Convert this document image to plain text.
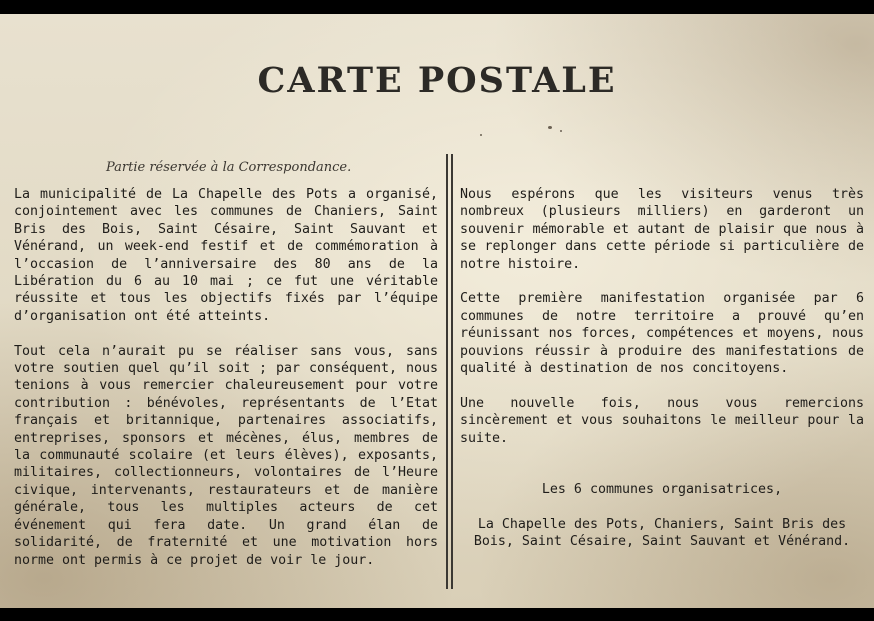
CARTE POSTALE
Partie réservée à la Correspondance.

La municipalité de La Chapelle des Pots a organisé, conjointement avec les communes de Chaniers, Saint Bris des Bois, Saint Césaire, Saint Sauvant et Vénérand, un week-end festif et de commémoration à l’occasion de l’anniversaire des 80 ans de la Libération du 6 au 10 mai ; ce fut une véritable réussite et tous les objectifs fixés par l’équipe d’organisation ont été atteints.

Tout cela n’aurait pu se réaliser sans vous, sans votre soutien quel qu’il soit ; par conséquent, nous tenions à vous remercier chaleureusement pour votre contribution : bénévoles, représentants de l’Etat français et britannique, partenaires associatifs, entreprises, sponsors et mécènes, élus, membres de la communauté scolaire (et leurs élèves), exposants, militaires, collectionneurs, volontaires de l’Heure civique, intervenants, restaurateurs et de manière générale, tous les multiples acteurs de cet événement qui fera date. Un grand élan de solidarité, de fraternité et une motivation hors norme ont permis à ce projet de voir le jour.

Nous espérons que les visiteurs venus très nombreux (plusieurs milliers) en garderont un souvenir mémorable et autant de plaisir que nous à se replonger dans cette période si particulière de notre histoire.

Cette première manifestation organisée par 6 communes de notre territoire a prouvé qu’en réunissant nos forces, compétences et moyens, nous pouvions réussir à produire des manifestations de qualité à destination de nos concitoyens.

Une nouvelle fois, nous vous remercions sincèrement et vous souhaitons le meilleur pour la suite.

Les 6 communes organisatrices,

La Chapelle des Pots, Chaniers, Saint Bris des Bois, Saint Césaire, Saint Sauvant et Vénérand.
